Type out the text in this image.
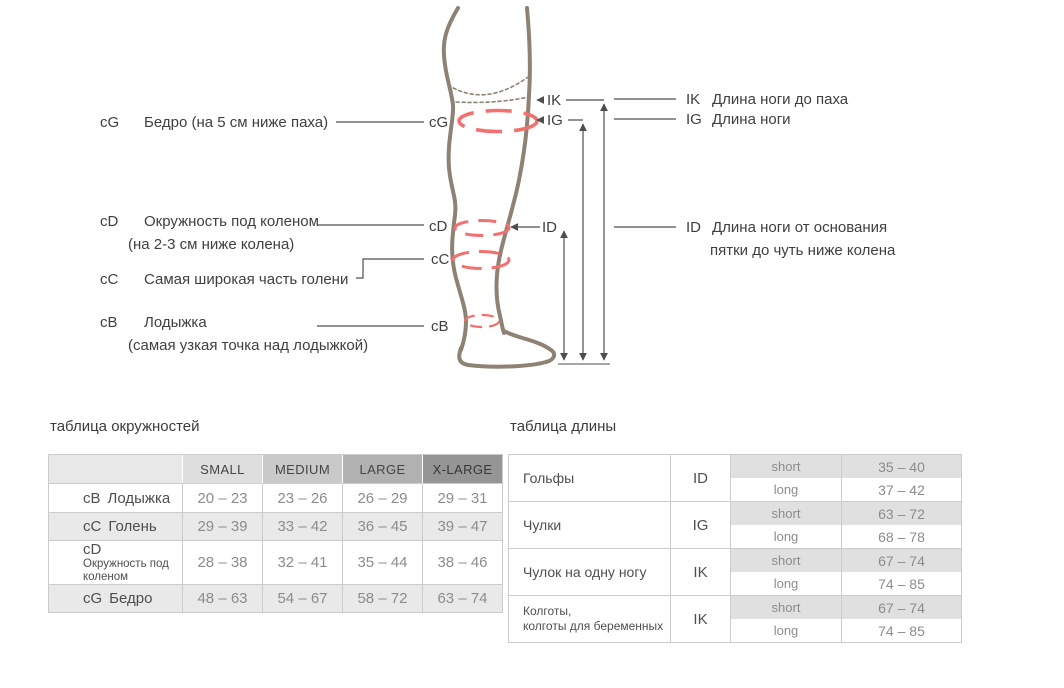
cG
cD
cC
cB
IK
IG
ID
cG Бедро (на 5 см ниже паха)
cD Окружность под коленом
(на 2-3 см ниже колена)
cC Самая широкая часть голени
cB Лодыжка
(самая узкая точка над лодыжкой)
IK Длина ноги до паха
IG Длина ноги
ID Длина ноги от основания
пятки до чуть ниже колена
таблица окружностей
	SMALL	MEDIUM	LARGE	X-LARGE
cB Лодыжка	20 – 23	23 – 26	26 – 29	29 – 31
cC Голень	29 – 39	33 – 42	36 – 45	39 – 47
cDОкружность под коленом	28 – 38	32 – 41	35 – 44	38 – 46
cG Бедро	48 – 63	54 – 67	58 – 72	63 – 74
таблица длины
Гольфы	ID	short	35 – 40
		long	37 – 42
Чулки	IG	short	63 – 72
		long	68 – 78
Чулок на одну ногу	IK	short	67 – 74
		long	74 – 85
Колготы,
колготы для беременных	IK	short	67 – 74
		long	74 – 85
